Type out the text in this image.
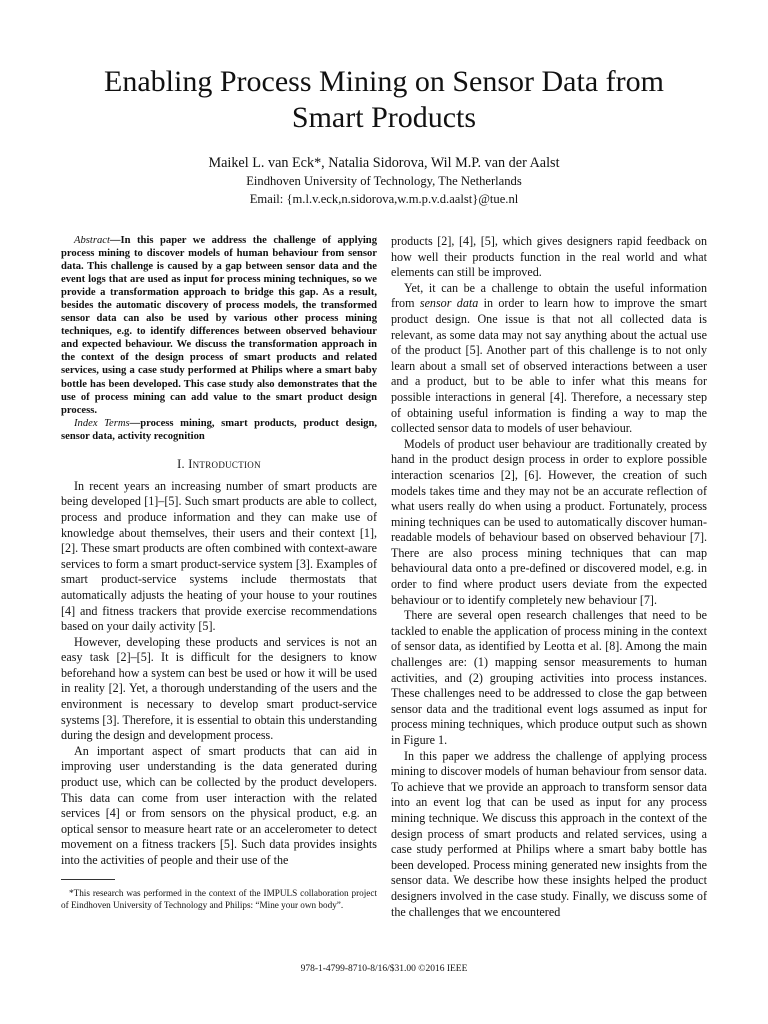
Enabling Process Mining on Sensor Data from
Smart Products
Maikel L. van Eck*, Natalia Sidorova, Wil M.P. van der Aalst
Eindhoven University of Technology, The Netherlands
Email: {m.l.v.eck,n.sidorova,w.m.p.v.d.aalst}@tue.nl

Abstract—In this paper we address the challenge of applying process mining to discover models of human behaviour from sensor data. This challenge is caused by a gap between sensor data and the event logs that are used as input for process mining techniques, so we provide a transformation approach to bridge this gap. As a result, besides the automatic discovery of process models, the transformed sensor data can also be used by various other process mining techniques, e.g. to identify differences between observed behaviour and expected behaviour. We discuss the transformation approach in the context of the design process of smart products and related services, using a case study performed at Philips where a smart baby bottle has been developed. This case study also demonstrates that the use of process mining can add value to the smart product design process.

Index Terms—process mining, smart products, product design, sensor data, activity recognition

I. Introduction

In recent years an increasing number of smart products are being developed [1]–[5]. Such smart products are able to collect, process and produce information and they can make use of knowledge about themselves, their users and their context [1], [2]. These smart products are often combined with context-aware services to form a smart product-service system [3]. Examples of smart product-service systems include thermostats that automatically adjusts the heating of your house to your routines [4] and fitness trackers that provide exercise recommendations based on your daily activity [5].

However, developing these products and services is not an easy task [2]–[5]. It is difficult for the designers to know beforehand how a system can best be used or how it will be used in reality [2]. Yet, a thorough understanding of the users and the environment is necessary to develop smart product-service systems [3]. Therefore, it is essential to obtain this understanding during the design and development process.

An important aspect of smart products that can aid in improving user understanding is the data generated during product use, which can be collected by the product developers. This data can come from user interaction with the related services [4] or from sensors on the physical product, e.g. an optical sensor to measure heart rate or an accelerometer to detect movement on a fitness trackers [5]. Such data provides insights into the activities of people and their use of the

products [2], [4], [5], which gives designers rapid feedback on how well their products function in the real world and what elements can still be improved.

Yet, it can be a challenge to obtain the useful information from sensor data in order to learn how to improve the smart product design. One issue is that not all collected data is relevant, as some data may not say anything about the actual use of the product [5]. Another part of this challenge is to not only learn about a small set of observed interactions between a user and a product, but to be able to infer what this means for possible interactions in general [4]. Therefore, a necessary step of obtaining useful information is finding a way to map the collected sensor data to models of user behaviour.

Models of product user behaviour are traditionally created by hand in the product design process in order to explore possible interaction scenarios [2], [6]. However, the creation of such models takes time and they may not be an accurate reflection of what users really do when using a product. Fortunately, process mining techniques can be used to automatically discover human-readable models of behaviour based on observed behaviour [7]. There are also process mining techniques that can map behavioural data onto a pre-defined or discovered model, e.g. in order to find where product users deviate from the expected behaviour or to identify completely new behaviour [7].

There are several open research challenges that need to be tackled to enable the application of process mining in the context of sensor data, as identified by Leotta et al. [8]. Among the main challenges are: (1) mapping sensor measurements to human activities, and (2) grouping activities into process instances. These challenges need to be addressed to close the gap between sensor data and the traditional event logs assumed as input for process mining techniques, which produce output such as shown in Figure 1.

In this paper we address the challenge of applying process mining to discover models of human behaviour from sensor data. To achieve that we provide an approach to transform sensor data into an event log that can be used as input for any process mining technique. We discuss this approach in the context of the design process of smart products and related services, using a case study performed at Philips where a smart baby bottle has been developed. Process mining generated new insights from the sensor data. We describe how these insights helped the product designers involved in the case study. Finally, we discuss some of the challenges that we encountered

*This research was performed in the context of the IMPULS collaboration project of Eindhoven University of Technology and Philips: “Mine your own body”.
978-1-4799-8710-8/16/$31.00 ©2016 IEEE
